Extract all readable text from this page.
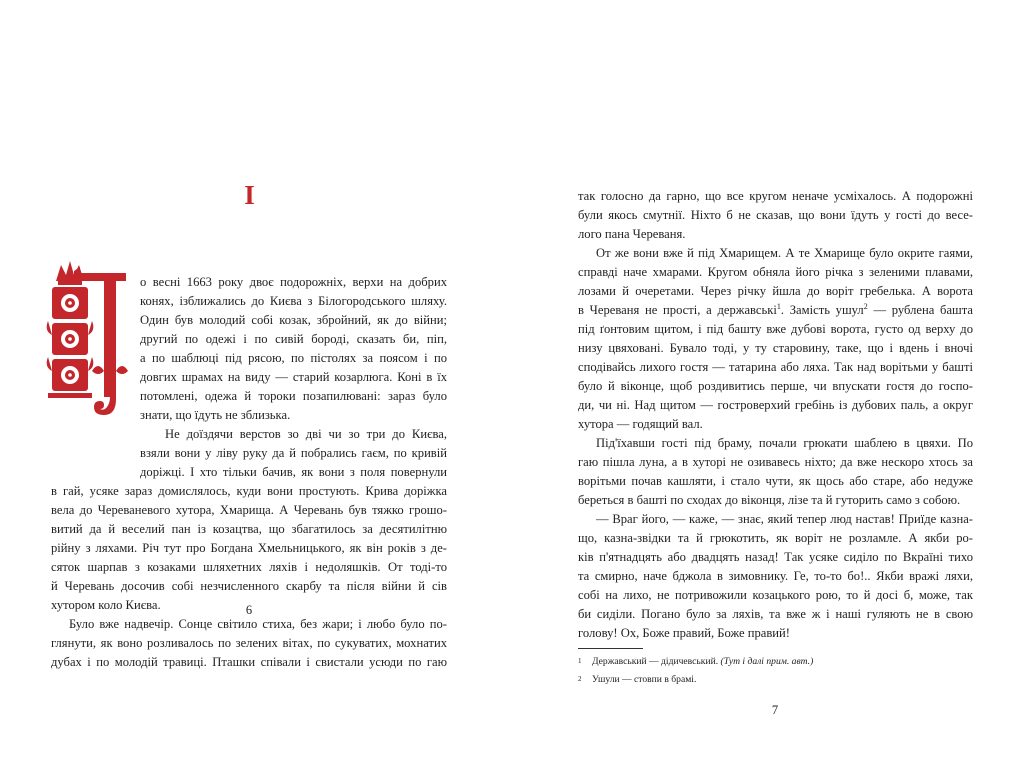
I
о весні 1663 року двоє подорожніх, верхи на добрих
конях, ізближались до Києва з Білогородського шляху.
Один був молодий собі козак, збройний, як до війни;
другий по одежі і по сивій бороді, сказать би, піп,
а по шаблюці під рясою, по пістолях за поясом і по
довгих шрамах на виду — старий козарлюга. Коні в їх
потомлені, одежа й тороки позапилювані: зараз було
знати, що їдуть не зблизька.
Не доїздячи верстов зо дві чи зо три до Києва,
взяли вони у ліву руку да й побрались гаєм, по кривій
доріжці. І хто тільки бачив, як вони з поля повернули
в гай, усяке зараз домислялось, куди вони простують. Крива доріжка
вела до Череваневого хутора, Хмарища. А Черевань був тяжко грошо-
витий да й веселий пан із козацтва, що збагатилось за десятилітню
рійну з ляхами. Річ тут про Богдана Хмельницького, як він років з де-
сяток шарпав з козаками шляхетних ляхів і недоляшків. От тоді-то
й Черевань досочив собі незчисленного скарбу та після війни й сів
хутором коло Києва.
Було вже надвечір. Сонце світило стиха, без жари; і любо було по-
глянути, як воно розливалось по зелених вітах, по сукуватих, мохнатих
дубах і по молодій травиці. Пташки співали і свистали усюди по гаю
6
так голосно да гарно, що все кругом неначе усміхалось. А подорожні
були якось смутнії. Ніхто б не сказав, що вони їдуть у гості до весе-
лого пана Череваня.
От же вони вже й під Хмарищем. А те Хмарище було окрите гаями,
справді наче хмарами. Кругом обняла його річка з зеленими плавами,
лозами й очеретами. Через річку йшла до воріт гребелька. А ворота
в Череваня не прості, а державські$^1$. Замість ушул$^2$ — рублена башта
під ґонтовим щитом, і під башту вже дубові ворота, густо од верху до
низу цвяховані. Бувало тоді, у ту старовину, таке, що і вдень і вночі
сподівайсь лихого гостя — татарина або ляха. Так над ворітьми у башті
було й віконце, щоб роздивитись перше, чи впускати гостя до госпо-
ди, чи ні. Над щитом — гостроверхий гребінь із дубових паль, а округ
хутора — годящий вал.
Під'їхавши гості під браму, почали грюкати шаблею в цвяхи. По
гаю пішла луна, а в хуторі не озивавесь ніхто; да вже нескоро хтось за
ворітьми почав кашляти, і стало чути, як щось або старе, або недуже
береться в башті по сходах до віконця, лізе та й гуторить само з собою.
— Враг його, — каже, — знає, який тепер люд настав! Приїде казна-
що, казна-звідки та й грюкотить, як воріт не розламле. А якби ро-
ків п'ятнадцять або двадцять назад! Так усяке сиділо по Вкраїні тихо
та смирно, наче бджола в зимовнику. Ге, то-то бо!.. Якби вражі ляхи,
собі на лихо, не потривожили козацького рою, то й досі б, може, так
би сиділи. Погано було за ляхів, та вже ж і наші гуляють не в свою
голову! Ох, Боже правий, Боже правий!
1 Державський — дідичевський. (Тут і далі прим. авт.)
2 Ушули — стовпи в брамі.
7
